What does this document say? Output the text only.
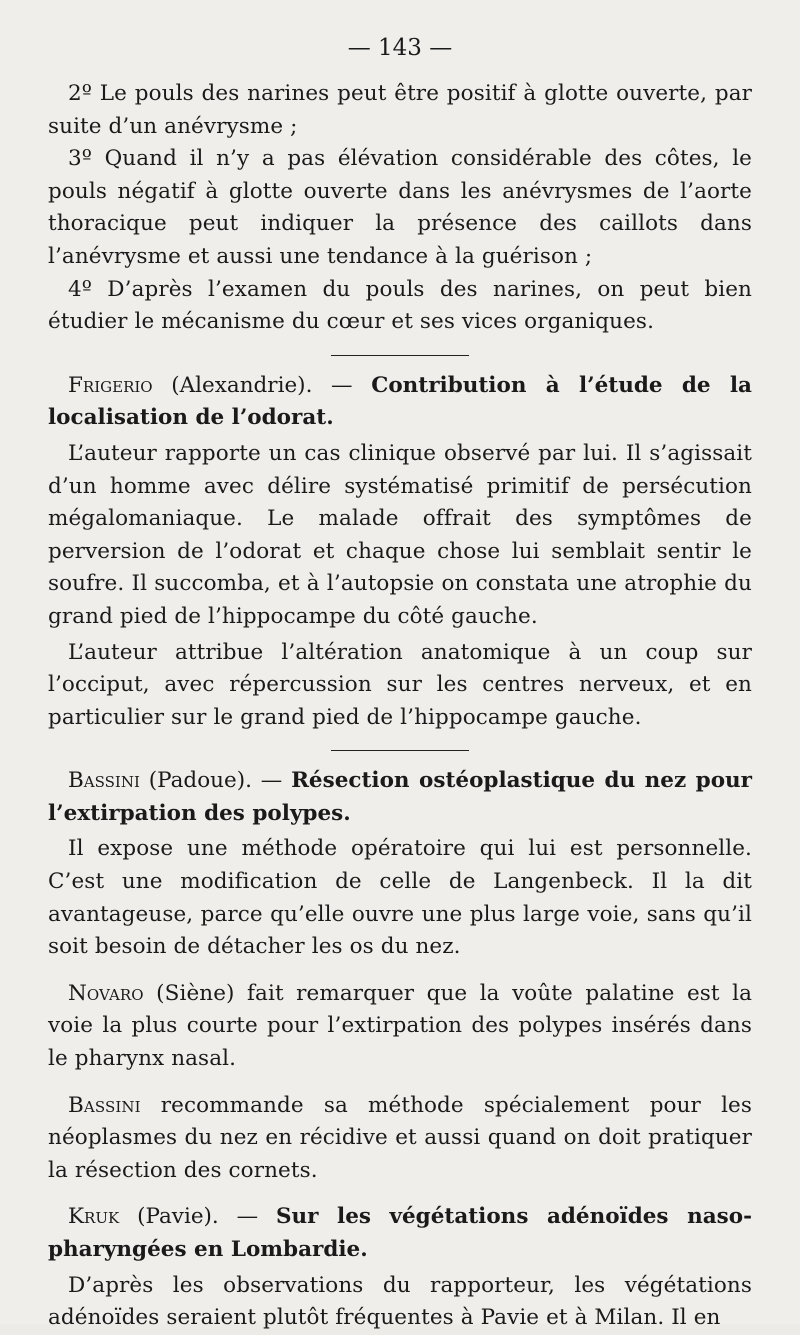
— 143 —

2º Le pouls des narines peut être positif à glotte ouverte, par suite d’un anévrysme ;

3º Quand il n’y a pas élévation considérable des côtes, le pouls négatif à glotte ouverte dans les anévrysmes de l’aorte thoracique peut indiquer la présence des caillots dans l’anévrysme et aussi une tendance à la guérison ;

4º D’après l’examen du pouls des narines, on peut bien étudier le mécanisme du cœur et ses vices organiques.

Frigerio (Alexandrie). — Contribution à l’étude de la localisation de l’odorat.

L’auteur rapporte un cas clinique observé par lui. Il s’agissait d’un homme avec délire systématisé primitif de persécution mégalomaniaque. Le malade offrait des symptômes de perversion de l’odorat et chaque chose lui semblait sentir le soufre. Il succomba, et à l’autopsie on constata une atrophie du grand pied de l’hippocampe du côté gauche.

L’auteur attribue l’altération anatomique à un coup sur l’occiput, avec répercussion sur les centres nerveux, et en particulier sur le grand pied de l’hippocampe gauche.

Bassini (Padoue). — Résection ostéoplastique du nez pour l’extirpation des polypes.

Il expose une méthode opératoire qui lui est personnelle. C’est une modification de celle de Langenbeck. Il la dit avantageuse, parce qu’elle ouvre une plus large voie, sans qu’il soit besoin de détacher les os du nez.

Novaro (Siène) fait remarquer que la voûte palatine est la voie la plus courte pour l’extirpation des polypes insérés dans le pharynx nasal.

Bassini recommande sa méthode spécialement pour les néoplasmes du nez en récidive et aussi quand on doit pratiquer la résection des cornets.

Kruk (Pavie). — Sur les végétations adénoïdes naso-pharyngées en Lombardie.

D’après les observations du rapporteur, les végétations adénoïdes seraient plutôt fréquentes à Pavie et à Milan. Il en
